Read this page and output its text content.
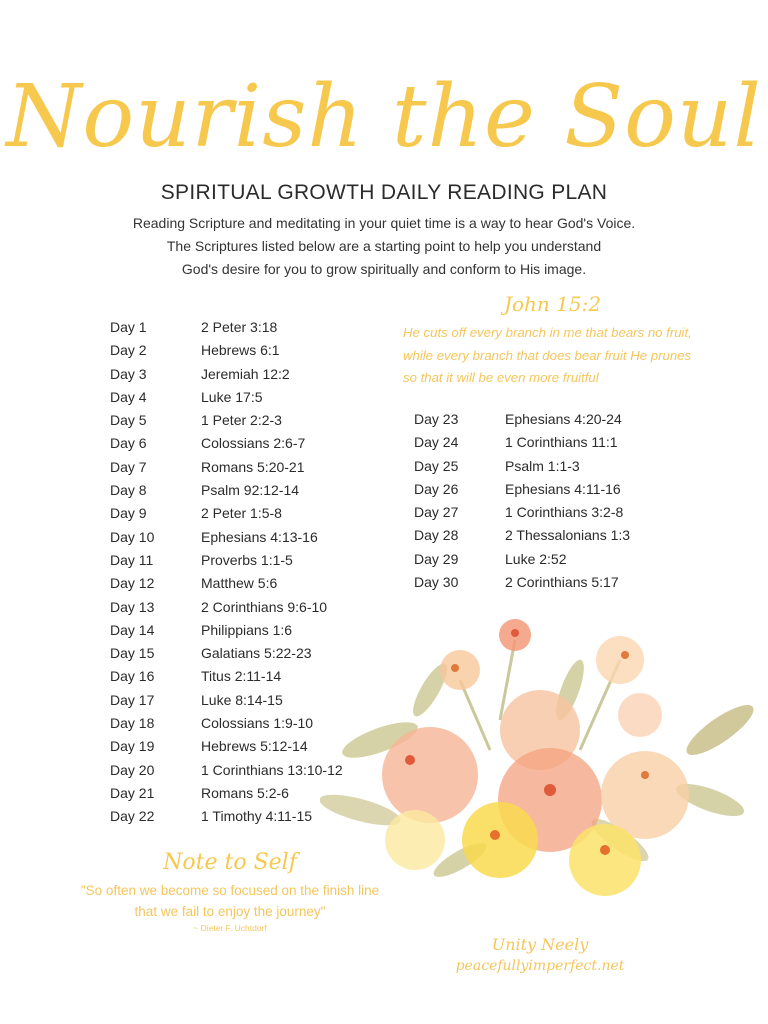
Nourish the Soul
SPIRITUAL GROWTH DAILY READING PLAN
Reading Scripture and meditating in your quiet time is a way to hear God's Voice.
The Scriptures listed below are a starting point to help you understand
God's desire for you to grow spiritually and conform to His image.
Day 1	2 Peter 3:18
Day 2	Hebrews 6:1
Day 3	Jeremiah 12:2
Day 4	Luke 17:5
Day 5	1 Peter 2:2-3
Day 6	Colossians 2:6-7
Day 7	Romans 5:20-21
Day 8	Psalm 92:12-14
Day 9	2 Peter 1:5-8
Day 10	Ephesians 4:13-16
Day 11	Proverbs 1:1-5
Day 12	Matthew 5:6
Day 13	2 Corinthians 9:6-10
Day 14	Philippians 1:6
Day 15	Galatians 5:22-23
Day 16	Titus 2:11-14
Day 17	Luke 8:14-15
Day 18	Colossians 1:9-10
Day 19	Hebrews 5:12-14
Day 20	1 Corinthians 13:10-12
Day 21	Romans 5:2-6
Day 22	1 Timothy 4:11-15
Day 23	Ephesians 4:20-24
Day 24	1 Corinthians 11:1
Day 25	Psalm 1:1-3
Day 26	Ephesians 4:11-16
Day 27	1 Corinthians 3:2-8
Day 28	2 Thessalonians 1:3
Day 29	Luke 2:52
Day 30	2 Corinthians 5:17
John 15:2
He cuts off every branch in me that bears no fruit,
while every branch that does bear fruit He prunes
so that it will be even more fruitful
Note to Self
"So often we become so focused on the finish line
that we fail to enjoy the journey"
~ Dieter F. Uchtdorf
Unity Neely
peacefullyimperfect.net
